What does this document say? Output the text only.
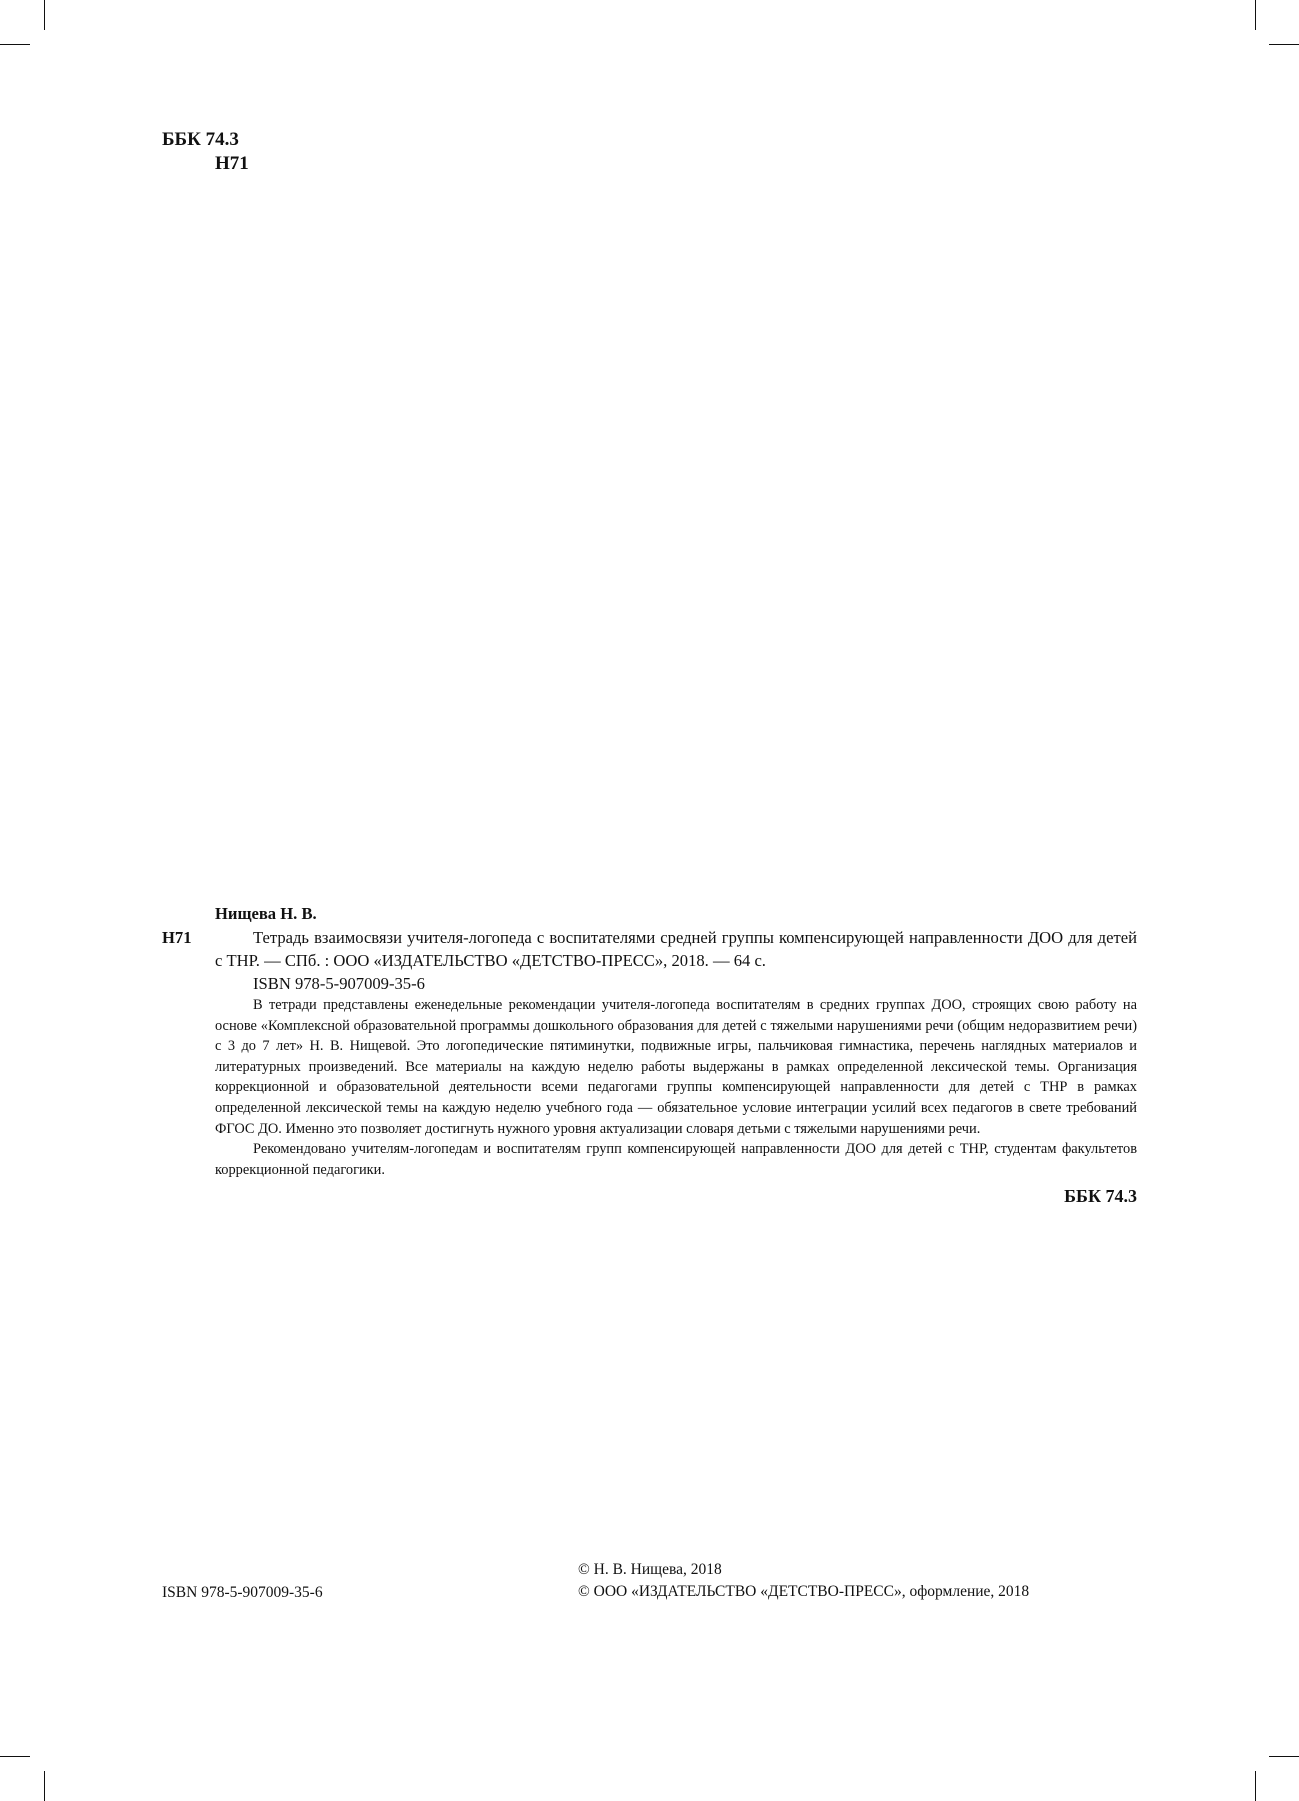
ББК 74.3
Н71
Нищева Н. В.
Н71	Тетрадь взаимосвязи учителя-логопеда с воспитателями средней группы компенсирующей направленности ДОО для детей с ТНР. — СПб. : ООО «ИЗДАТЕЛЬСТВО «ДЕТСТВО-ПРЕСС», 2018. — 64 с.

ISBN 978-5-907009-35-6

В тетради представлены еженедельные рекомендации учителя-логопеда воспитателям в средних группах ДОО, строящих свою работу на основе «Комплексной образовательной программы дошкольного образования для детей с тяжелыми нарушениями речи (общим недоразвитием речи) с 3 до 7 лет» Н. В. Нищевой. Это логопедические пятиминутки, подвижные игры, пальчиковая гимнастика, перечень наглядных материалов и литературных произведений. Все материалы на каждую неделю работы выдержаны в рамках определенной лексической темы. Организация коррекционной и образовательной деятельности всеми педагогами группы компенсирующей направленности для детей с ТНР в рамках определенной лексической темы на каждую неделю учебного года — обязательное условие интеграции усилий всех педагогов в свете требований ФГОС ДО. Именно это позволяет достигнуть нужного уровня актуализации словаря детьми с тяжелыми нарушениями речи.

Рекомендовано учителям-логопедам и воспитателям групп компенсирующей направленности ДОО для детей с ТНР, студентам факультетов коррекционной педагогики.

ББК 74.3

ISBN 978-5-907009-35-6
© Н. В. Нищева, 2018
© ООО «ИЗДАТЕЛЬСТВО «ДЕТСТВО-ПРЕСС», оформление, 2018
